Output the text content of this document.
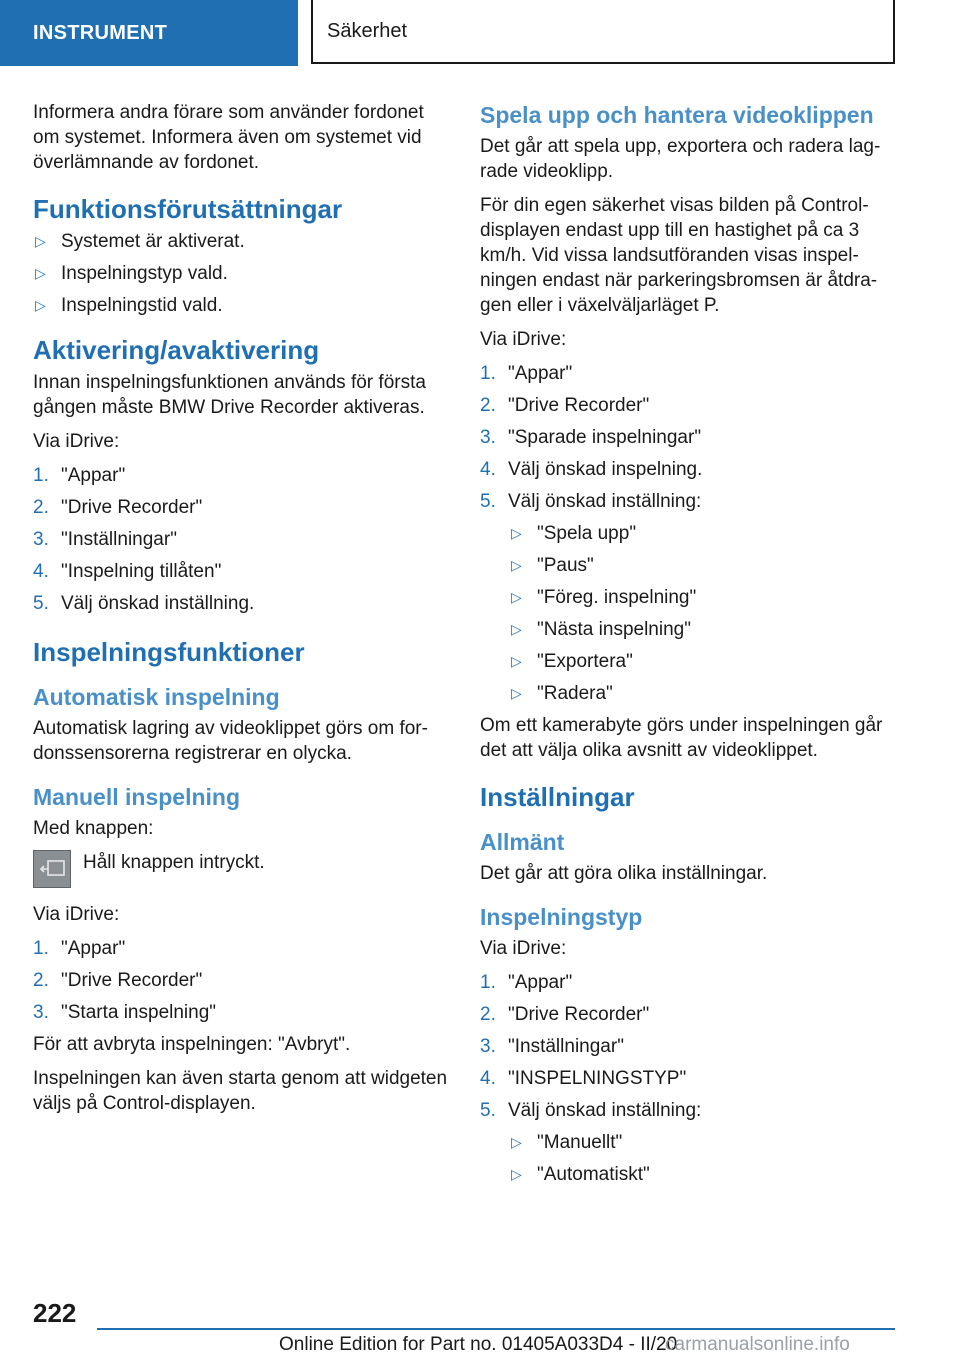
INSTRUMENT	Säkerhet

Informera andra förare som använder fordonet om systemet. Informera även om systemet vid överlämnande av fordonet.

Funktionsförutsättningar
▷ Systemet är aktiverat.
▷ Inspelningstyp vald.
▷ Inspelningstid vald.
Aktivering/avaktivering

Innan inspelningsfunktionen används för första gången måste BMW Drive Recorder aktiveras.

Via iDrive:

1. "Appar"
2. "Drive Recorder"
3. "Inställningar"
4. "Inspelning tillåten"
5. Välj önskad inställning.
Inspelningsfunktioner
Automatisk inspelning

Automatisk lagring av videoklippet görs om fordonssensorerna registrerar en olycka.

Manuell inspelning

Med knappen:

Håll knappen intryckt.

Via iDrive:

1. "Appar"
2. "Drive Recorder"
3. "Starta inspelning"

För att avbryta inspelningen: "Avbryt".

Inspelningen kan även starta genom att widgeten väljs på Control-displayen.

Spela upp och hantera videoklippen

Det går att spela upp, exportera och radera lagrade videoklipp.

För din egen säkerhet visas bilden på Control-displayen endast upp till en hastighet på ca 3 km/h. Vid vissa landsutföranden visas inspelningen endast när parkeringsbromsen är åtdragen eller i växelväljarläget P.

Via iDrive:

1. "Appar"
2. "Drive Recorder"
3. "Sparade inspelningar"
4. Välj önskad inspelning.
5. Välj önskad inställning:
▷ "Spela upp"
▷ "Paus"
▷ "Föreg. inspelning"
▷ "Nästa inspelning"
▷ "Exportera"
▷ "Radera"

Om ett kamerabyte görs under inspelningen går det att välja olika avsnitt av videoklippet.

Inställningar
Allmänt

Det går att göra olika inställningar.

Inspelningstyp

Via iDrive:

1. "Appar"
2. "Drive Recorder"
3. "Inställningar"
4. "INSPELNINGSTYP"
5. Välj önskad inställning:
▷ "Manuellt"
▷ "Automatiskt"
222
Online Edition for Part no. 01405A033D4 - II/20
carmanualsonline.info
